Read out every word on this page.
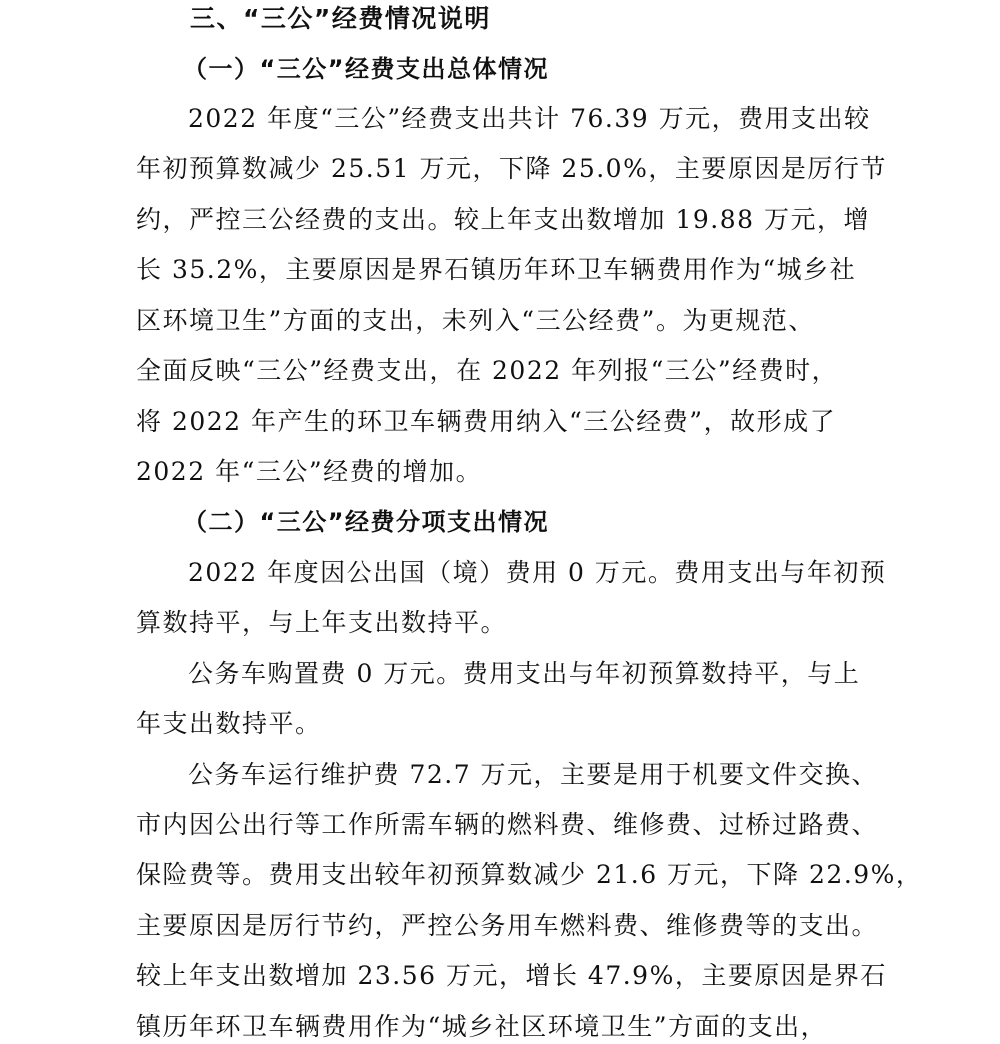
三、“三公”经费情况说明
（一）“三公”经费支出总体情况
2022 年度“三公”经费支出共计 76.39 万元，费用支出较
年初预算数减少 25.51 万元，下降 25.0%，主要原因是厉行节
约，严控三公经费的支出。较上年支出数增加 19.88 万元，增
长 35.2%，主要原因是界石镇历年环卫车辆费用作为“城乡社
区环境卫生”方面的支出，未列入“三公经费”。为更规范、
全面反映“三公”经费支出，在 2022 年列报“三公”经费时，
将 2022 年产生的环卫车辆费用纳入“三公经费”，故形成了
2022 年“三公”经费的增加。
（二）“三公”经费分项支出情况
2022 年度因公出国（境）费用 0 万元。费用支出与年初预
算数持平，与上年支出数持平。
公务车购置费 0 万元。费用支出与年初预算数持平，与上
年支出数持平。
公务车运行维护费 72.7 万元，主要是用于机要文件交换、
市内因公出行等工作所需车辆的燃料费、维修费、过桥过路费、
保险费等。费用支出较年初预算数减少 21.6 万元，下降 22.9%，
主要原因是厉行节约，严控公务用车燃料费、维修费等的支出。
较上年支出数增加 23.56 万元，增长 47.9%，主要原因是界石
镇历年环卫车辆费用作为“城乡社区环境卫生”方面的支出，
